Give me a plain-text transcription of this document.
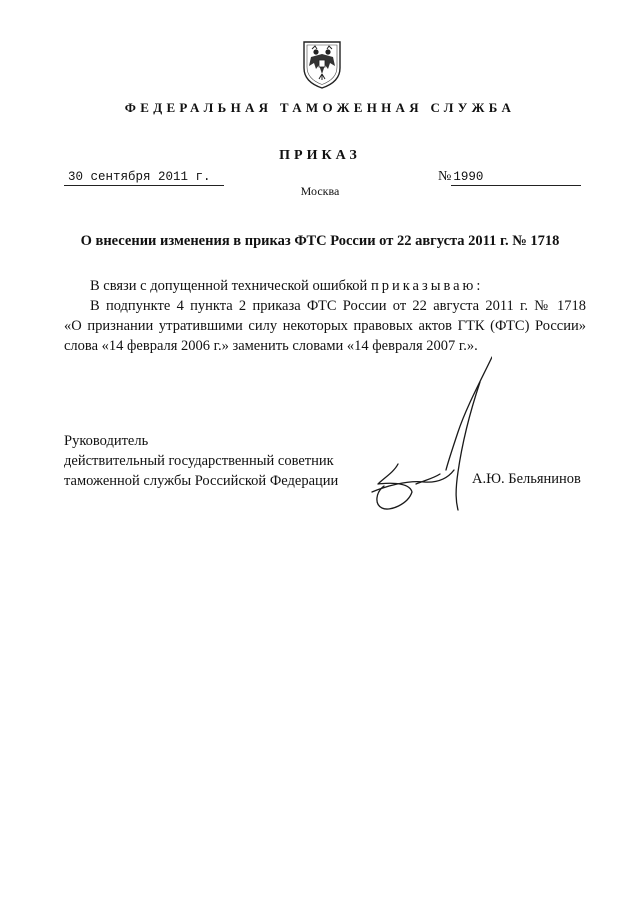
ФЕДЕРАЛЬНАЯ ТАМОЖЕННАЯ СЛУЖБА
ПРИКАЗ
30 сентября 2011 г.	№ 1990
Москва
О внесении изменения в приказ ФТС России от 22 августа 2011 г. № 1718

В связи с допущенной технической ошибкой приказываю:

В подпункте 4 пункта 2 приказа ФТС России от 22 августа 2011 г. № 1718

«О признании утратившими силу некоторых правовых актов ГТК (ФТС) России»

слова «14 февраля 2006 г.» заменить словами «14 февраля 2007 г.».

Руководитель
действительный государственный советник
таможенной службы Российской Федерации	А.Ю. Бельянинов
